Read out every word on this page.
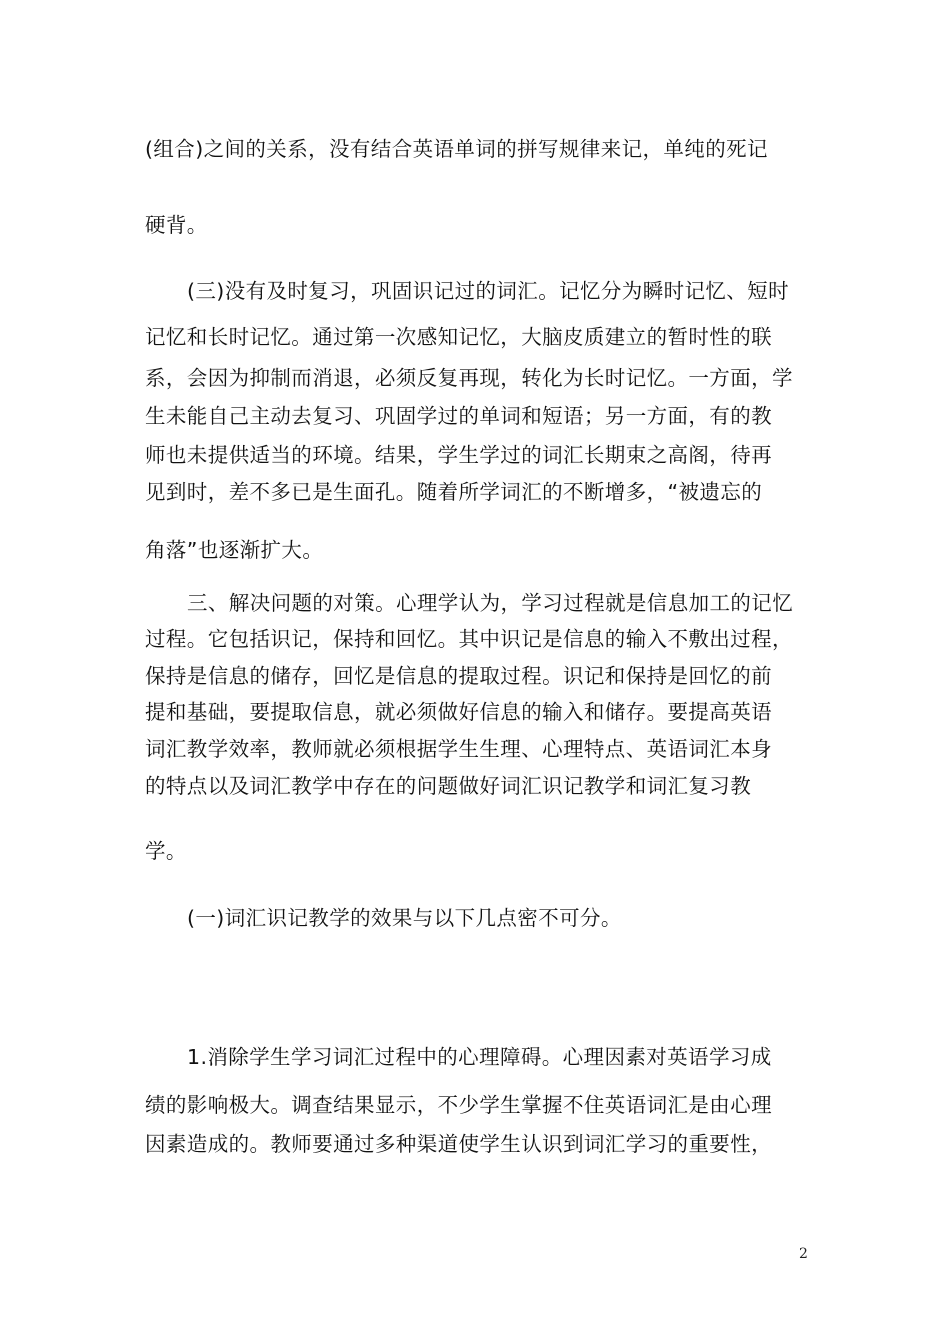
(组合)之间的关系，没有结合英语单词的拼写规律来记，单纯的死记
硬背。
(三)没有及时复习，巩固识记过的词汇。记忆分为瞬时记忆、短时
记忆和长时记忆。通过第一次感知记忆，大脑皮质建立的暂时性的联
系，会因为抑制而消退，必须反复再现，转化为长时记忆。一方面，学
生未能自己主动去复习、巩固学过的单词和短语；另一方面，有的教
师也未提供适当的环境。结果，学生学过的词汇长期束之高阁，待再
见到时，差不多已是生面孔。随着所学词汇的不断增多，“被遗忘的
角落”也逐渐扩大。
三、解决问题的对策。心理学认为，学习过程就是信息加工的记忆
过程。它包括识记，保持和回忆。其中识记是信息的输入不敷出过程，
保持是信息的储存，回忆是信息的提取过程。识记和保持是回忆的前
提和基础，要提取信息，就必须做好信息的输入和储存。要提高英语
词汇教学效率，教师就必须根据学生生理、心理特点、英语词汇本身
的特点以及词汇教学中存在的问题做好词汇识记教学和词汇复习教
学。
(一)词汇识记教学的效果与以下几点密不可分。
1.消除学生学习词汇过程中的心理障碍。心理因素对英语学习成
绩的影响极大。调查结果显示，不少学生掌握不住英语词汇是由心理
因素造成的。教师要通过多种渠道使学生认识到词汇学习的重要性，
2
